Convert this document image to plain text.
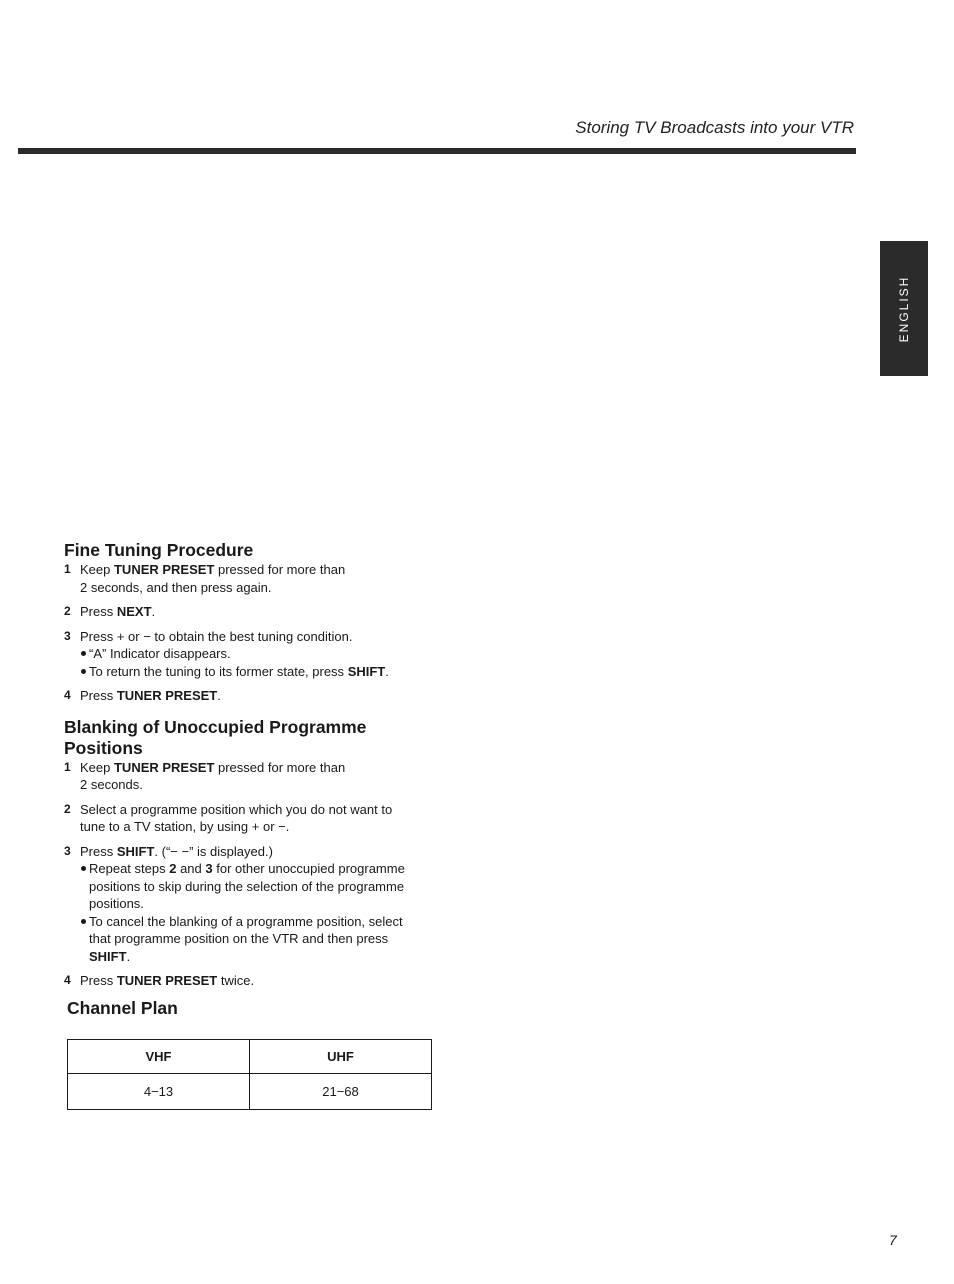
Storing TV Broadcasts into your VTR
ENGLISH
Fine Tuning Procedure
1 Keep TUNER PRESET pressed for more than
2 seconds, and then press again.
2 Press NEXT.
3 Press + or − to obtain the best tuning condition.
“A” Indicator disappears.
To return the tuning to its former state, press SHIFT.
4 Press TUNER PRESET.
Blanking of Unoccupied Programme
Positions
1 Keep TUNER PRESET pressed for more than
2 seconds.
2 Select a programme position which you do not want to
tune to a TV station, by using + or −.
3 Press SHIFT. (“− −” is displayed.)
Repeat steps 2 and 3 for other unoccupied programme
positions to skip during the selection of the programme
positions.
To cancel the blanking of a programme position, select
that programme position on the VTR and then press
SHIFT.
4 Press TUNER PRESET twice.
Channel Plan
VHF	UHF
4−13	21−68
7
